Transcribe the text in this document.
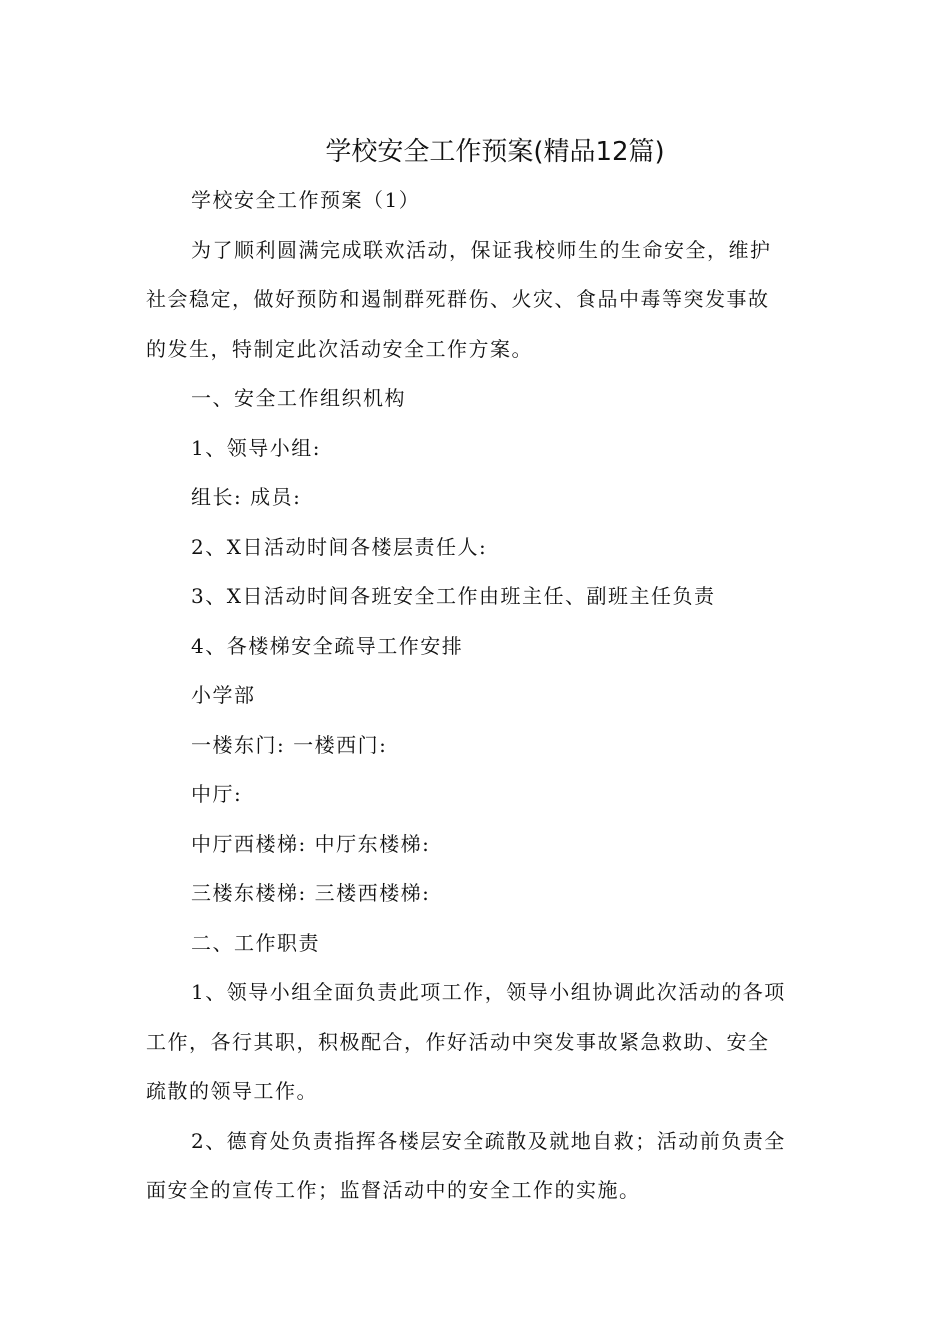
学校安全工作预案(精品12篇)

学校安全工作预案（1）

为了顺利圆满完成联欢活动，保证我校师生的生命安全，维护

社会稳定，做好预防和遏制群死群伤、火灾、食品中毒等突发事故

的发生，特制定此次活动安全工作方案。

一、安全工作组织机构

1、领导小组:

组长: 成员:

2、X日活动时间各楼层责任人:

3、X日活动时间各班安全工作由班主任、副班主任负责

4、各楼梯安全疏导工作安排

小学部

一楼东门: 一楼西门:

中厅:

中厅西楼梯: 中厅东楼梯:

三楼东楼梯: 三楼西楼梯:

二、工作职责

1、领导小组全面负责此项工作，领导小组协调此次活动的各项

工作，各行其职，积极配合，作好活动中突发事故紧急救助、安全

疏散的领导工作。

2、德育处负责指挥各楼层安全疏散及就地自救；活动前负责全

面安全的宣传工作；监督活动中的安全工作的实施。
